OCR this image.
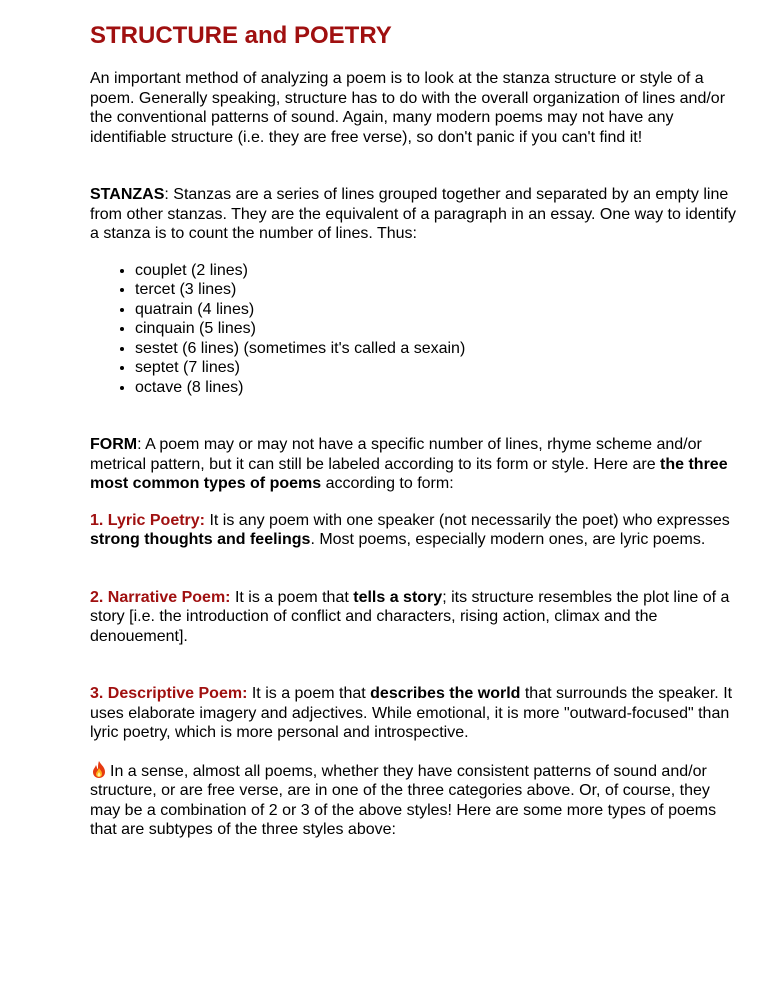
STRUCTURE and POETRY

An important method of analyzing a poem is to look at the stanza structure or style of a poem. Generally speaking, structure has to do with the overall organization of lines and/or the conventional patterns of sound. Again, many modern poems may not have any identifiable structure (i.e. they are free verse), so don't panic if you can't find it!

STANZAS: Stanzas are a series of lines grouped together and separated by an empty line from other stanzas. They are the equivalent of a paragraph in an essay. One way to identify a stanza is to count the number of lines. Thus:

• couplet (2 lines)
• tercet (3 lines)
• quatrain (4 lines)
• cinquain (5 lines)
• sestet (6 lines) (sometimes it's called a sexain)
• septet (7 lines)
• octave (8 lines)

FORM: A poem may or may not have a specific number of lines, rhyme scheme and/or metrical pattern, but it can still be labeled according to its form or style. Here are the three most common types of poems according to form:

1. Lyric Poetry: It is any poem with one speaker (not necessarily the poet) who expresses strong thoughts and feelings. Most poems, especially modern ones, are lyric poems.

2. Narrative Poem: It is a poem that tells a story; its structure resembles the plot line of a story [i.e. the introduction of conflict and characters, rising action, climax and the denouement].

3. Descriptive Poem: It is a poem that describes the world that surrounds the speaker. It uses elaborate imagery and adjectives. While emotional, it is more "outward-focused" than lyric poetry, which is more personal and introspective.

In a sense, almost all poems, whether they have consistent patterns of sound and/or structure, or are free verse, are in one of the three categories above. Or, of course, they may be a combination of 2 or 3 of the above styles! Here are some more types of poems that are subtypes of the three styles above:
